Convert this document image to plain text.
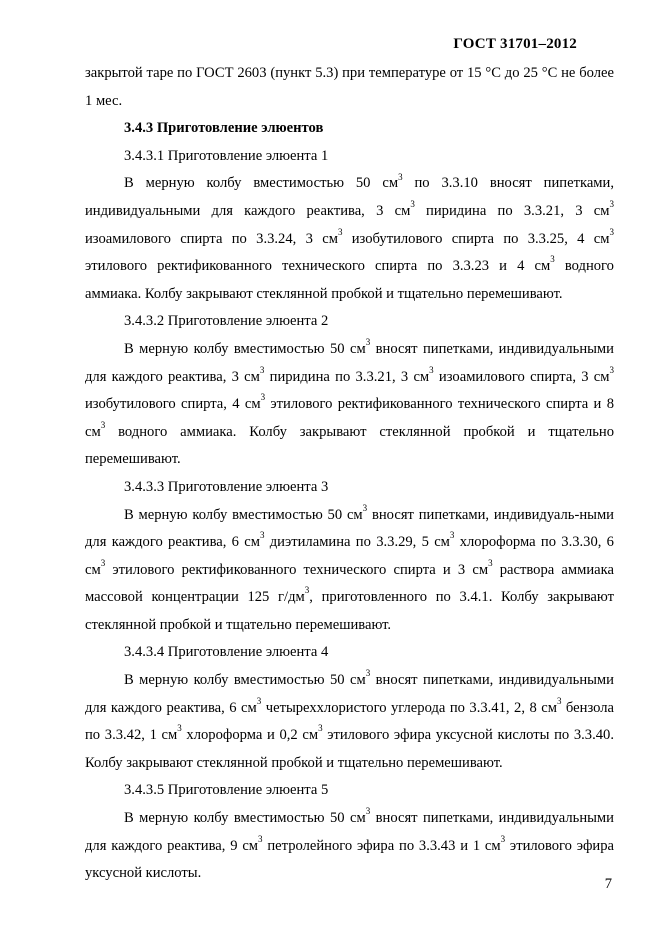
ГОСТ 31701–2012

закрытой таре по ГОСТ 2603 (пункт 5.3) при температуре от 15 °C до 25 °C не более 1 мес.

3.4.3 Приготовление элюентов

3.4.3.1 Приготовление элюента 1

В мерную колбу вместимостью 50 $см^3$ по 3.3.10 вносят пипетками, индивидуальными для каждого реактива, 3 $см^3$ пиридина по 3.3.21, 3 $см^3$ изоамилового спирта по 3.3.24, 3 $см^3$ изобутилового спирта по 3.3.25, 4 $см^3$ этилового ректификованного технического спирта по 3.3.23 и 4 $см^3$ водного аммиака. Колбу закрывают стеклянной пробкой и тщательно перемешивают.

3.4.3.2 Приготовление элюента 2

В мерную колбу вместимостью 50 $см^3$ вносят пипетками, индивидуальными для каждого реактива, 3 $см^3$ пиридина по 3.3.21, 3 $см^3$ изоамилового спирта, 3 $см^3$ изобутилового спирта, 4 $см^3$ этилового ректификованного технического спирта и 8 $см^3$ водного аммиака. Колбу закрывают стеклянной пробкой и тщательно перемешивают.

3.4.3.3 Приготовление элюента 3

В мерную колбу вместимостью 50 $см^3$ вносят пипетками, индивидуаль-ными для каждого реактива, 6 $см^3$ диэтиламина по 3.3.29, 5 $см^3$ хлороформа по 3.3.30, 6 $см^3$ этилового ректификованного технического спирта и 3 $см^3$ раствора аммиака массовой концентрации 125 $г/дм^3$, приготовленного по 3.4.1. Колбу закрывают стеклянной пробкой и тщательно перемешивают.

3.4.3.4 Приготовление элюента 4

В мерную колбу вместимостью 50 $см^3$ вносят пипетками, индивидуальными для каждого реактива, 6 $см^3$ четыреххлористого углерода по 3.3.41, 2, 8 $см^3$ бензола по 3.3.42, 1 $см^3$ хлороформа и 0,2 $см^3$ этилового эфира уксусной кислоты по 3.3.40. Колбу закрывают стеклянной пробкой и тщательно перемешивают.

3.4.3.5 Приготовление элюента 5

В мерную колбу вместимостью 50 $см^3$ вносят пипетками, индивидуальными для каждого реактива, 9 $см^3$ петролейного эфира по 3.3.43 и 1 $см^3$ этилового эфира уксусной кислоты.

7
